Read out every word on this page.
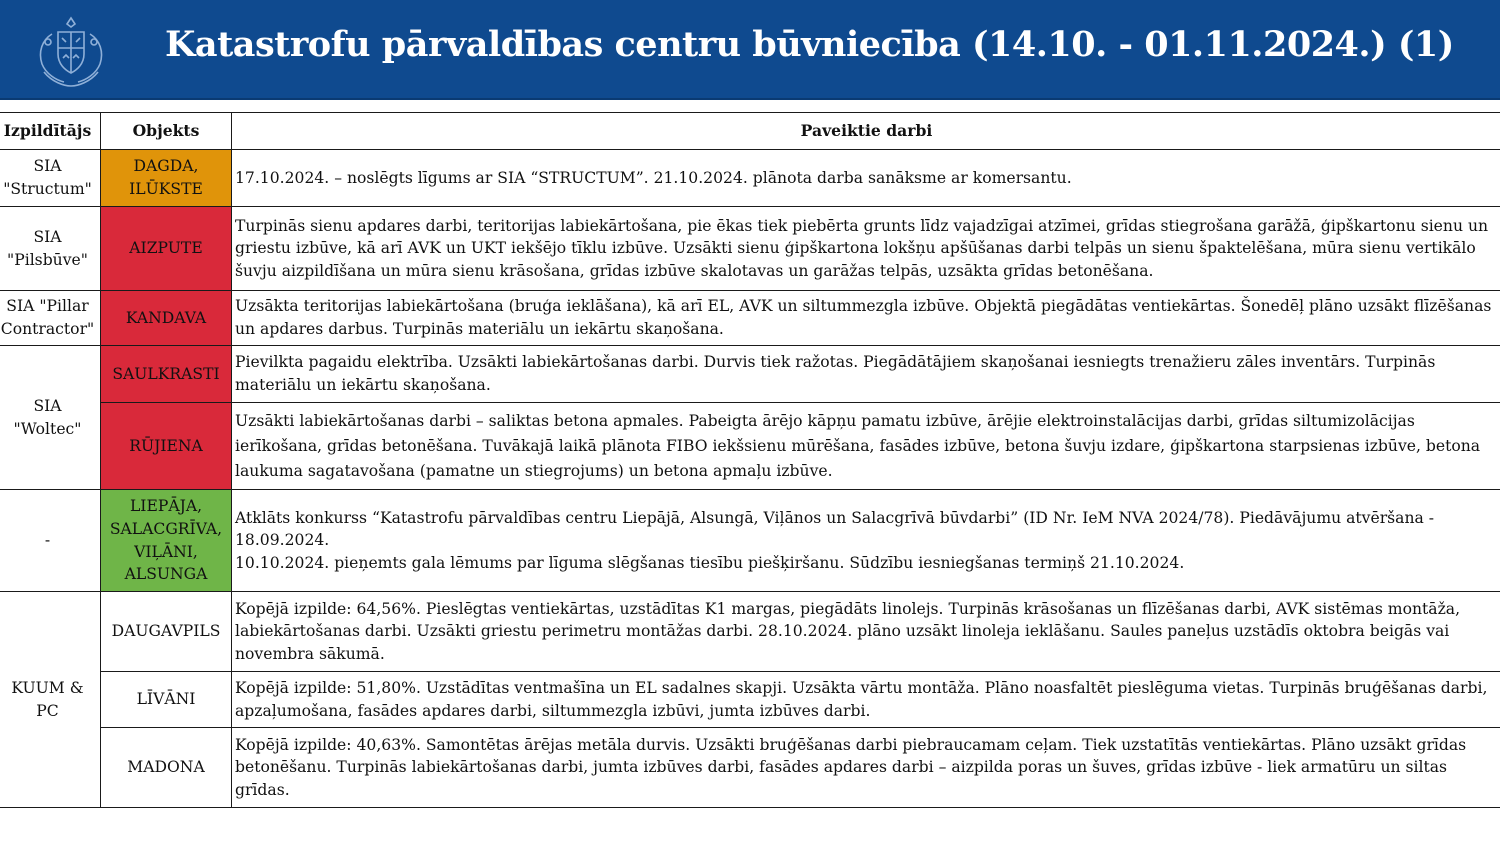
Katastrofu pārvaldības centru būvniecība (14.10. - 01.11.2024.) (1)
Izpildītājs	Objekts	Paveiktie darbi
SIA "Structum"	DAGDA, ILŪKSTE	17.10.2024. – noslēgts līgums ar SIA “STRUCTUM”. 21.10.2024. plānota darba sanāksme ar komersantu.
SIA "Pilsbūve"	AIZPUTE	Turpinās sienu apdares darbi, teritorijas labiekārtošana, pie ēkas tiek piebērta grunts līdz vajadzīgai atzīmei, grīdas stiegrošana garāžā, ģipškartonu sienu un griestu izbūve, kā arī AVK un UKT iekšējo tīklu izbūve. Uzsākti sienu ģipškartona lokšņu apšūšanas darbi telpās un sienu špaktelēšana, mūra sienu vertikālo šuvju aizpildīšana un mūra sienu krāsošana, grīdas izbūve skalotavas un garāžas telpās, uzsākta grīdas betonēšana.
SIA "Pillar Contractor"	KANDAVA	Uzsākta teritorijas labiekārtošana (bruģa ieklāšana), kā arī EL, AVK un siltummezgla izbūve. Objektā piegādātas ventiekārtas. Šonedēļ plāno uzsākt flīzēšanas un apdares darbus. Turpinās materiālu un iekārtu skaņošana.
SIA "Woltec"	SAULKRASTI	Pievilkta pagaidu elektrība. Uzsākti labiekārtošanas darbi. Durvis tiek ražotas. Piegādātājiem skaņošanai iesniegts trenažieru zāles inventārs. Turpinās materiālu un iekārtu skaņošana.
	RŪJIENA	Uzsākti labiekārtošanas darbi – saliktas betona apmales. Pabeigta ārējo kāpņu pamatu izbūve, ārējie elektroinstalācijas darbi, grīdas siltumizolācijas ierīkošana, grīdas betonēšana. Tuvākajā laikā plānota FIBO iekšsienu mūrēšana, fasādes izbūve, betona šuvju izdare, ģipškartona starpsienas izbūve, betona laukuma sagatavošana (pamatne un stiegrojums) un betona apmaļu izbūve.
-	LIEPĀJA, SALACGRĪVA, VIĻĀNI, ALSUNGA	Atklāts konkurss “Katastrofu pārvaldības centru Liepājā, Alsungā, Viļānos un Salacgrīvā būvdarbi” (ID Nr. IeM NVA 2024/78). Piedāvājumu atvēršana - 18.09.2024.
10.10.2024. pieņemts gala lēmums par līguma slēgšanas tiesību piešķiršanu. Sūdzību iesniegšanas termiņš 21.10.2024.

KUUM & PC	DAUGAVPILS	Kopējā izpilde: 64,56%. Pieslēgtas ventiekārtas, uzstādītas K1 margas, piegādāts linolejs. Turpinās krāsošanas un flīzēšanas darbi, AVK sistēmas montāža, labiekārtošanas darbi. Uzsākti griestu perimetru montāžas darbi. 28.10.2024. plāno uzsākt linoleja ieklāšanu. Saules paneļus uzstādīs oktobra beigās vai novembra sākumā.
	LĪVĀNI	Kopējā izpilde: 51,80%. Uzstādītas ventmašīna un EL sadalnes skapji. Uzsākta vārtu montāža. Plāno noasfaltēt pieslēguma vietas. Turpinās bruģēšanas darbi, apzaļumošana, fasādes apdares darbi, siltummezgla izbūvi, jumta izbūves darbi.
	MADONA	Kopējā izpilde: 40,63%. Samontētas ārējas metāla durvis. Uzsākti bruģēšanas darbi piebraucamam ceļam. Tiek uzstatītās ventiekārtas. Plāno uzsākt grīdas betonēšanu. Turpinās labiekārtošanas darbi, jumta izbūves darbi, fasādes apdares darbi – aizpilda poras un šuves, grīdas izbūve - liek armatūru un siltas grīdas.
